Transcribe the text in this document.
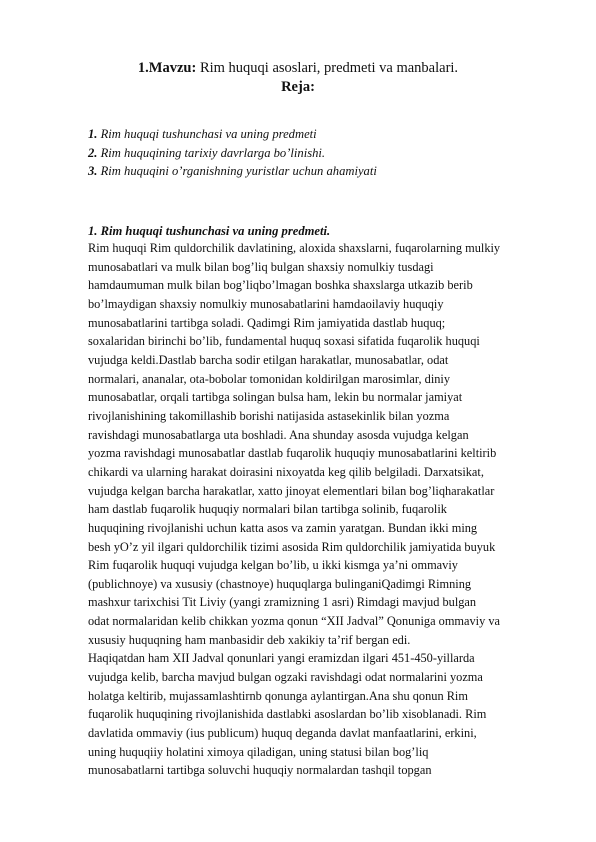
1.Mavzu: Rim huquqi asoslari, predmeti va manbalari.
Reja:
1. Rim huquqi tushunchasi va uning predmeti
2. Rim huquqining tarixiy davrlarga bo’linishi.
3. Rim huquqini o’rganishning yuristlar uchun ahamiyati
1. Rim huquqi tushunchasi va uning predmeti.
Rim huquqi Rim quldorchilik davlatining, aloxida shaxslarni, fuqarolarning mulkiy
munosabatlari va mulk bilan bog’liq bulgan shaxsiy nomulkiy tusdagi
hamdaumuman mulk bilan bog’liqbo’lmagan boshka shaxslarga utkazib berib
bo’lmaydigan shaxsiy nomulkiy munosabatlarini hamdaoilaviy huquqiy
munosabatlarini tartibga soladi. Qadimgi Rim jamiyatida dastlab huquq;
soxalaridan birinchi bo’lib, fundamental huquq soxasi sifatida fuqarolik huquqi
vujudga keldi.Dastlab barcha sodir etilgan harakatlar, munosabatlar, odat
normalari, ananalar, ota-bobolar tomonidan koldirilgan marosimlar, diniy
munosabatlar, orqali tartibga solingan bulsa ham, lekin bu normalar jamiyat
rivojlanishining takomillashib borishi natijasida astasekinlik bilan yozma
ravishdagi munosabatlarga uta boshladi. Ana shunday asosda vujudga kelgan
yozma ravishdagi munosabatlar dastlab fuqarolik huquqiy munosabatlarini keltirib
chikardi va ularning harakat doirasini nixoyatda keg qilib belgiladi. Darxatsikat,
vujudga kelgan barcha harakatlar, xatto jinoyat elementlari bilan bog’liqharakatlar
ham dastlab fuqarolik huquqiy normalari bilan tartibga solinib, fuqarolik
huquqining rivojlanishi uchun katta asos va zamin yaratgan. Bundan ikki ming
besh yO’z yil ilgari quldorchilik tizimi asosida Rim quldorchilik jamiyatida buyuk
Rim fuqarolik huquqi vujudga kelgan bo’lib, u ikki kismga ya’ni ommaviy
(publichnoye) va xususiy (chastnoye) huquqlarga bulinganiQadimgi Rimning
mashxur tarixchisi Tit Liviy (yangi zramizning 1 asri) Rimdagi mavjud bulgan
odat normalaridan kelib chikkan yozma qonun “XII Jadval” Qonuniga ommaviy va
xususiy huquqning ham manbasidir deb xakikiy ta’rif bergan edi.
Haqiqatdan ham XII Jadval qonunlari yangi eramizdan ilgari 451-450-yillarda
vujudga kelib, barcha mavjud bulgan ogzaki ravishdagi odat normalarini yozma
holatga keltirib, mujassamlashtirnb qonunga aylantirgan.Ana shu qonun Rim
fuqarolik huquqining rivojlanishida dastlabki asoslardan bo’lib xisoblanadi. Rim
davlatida ommaviy (ius publicum) huquq deganda davlat manfaatlarini, erkini,
uning huquqiiy holatini ximoya qiladigan, uning statusi bilan bog’liq
munosabatlarni tartibga soluvchi huquqiy normalardan tashqil topgan
